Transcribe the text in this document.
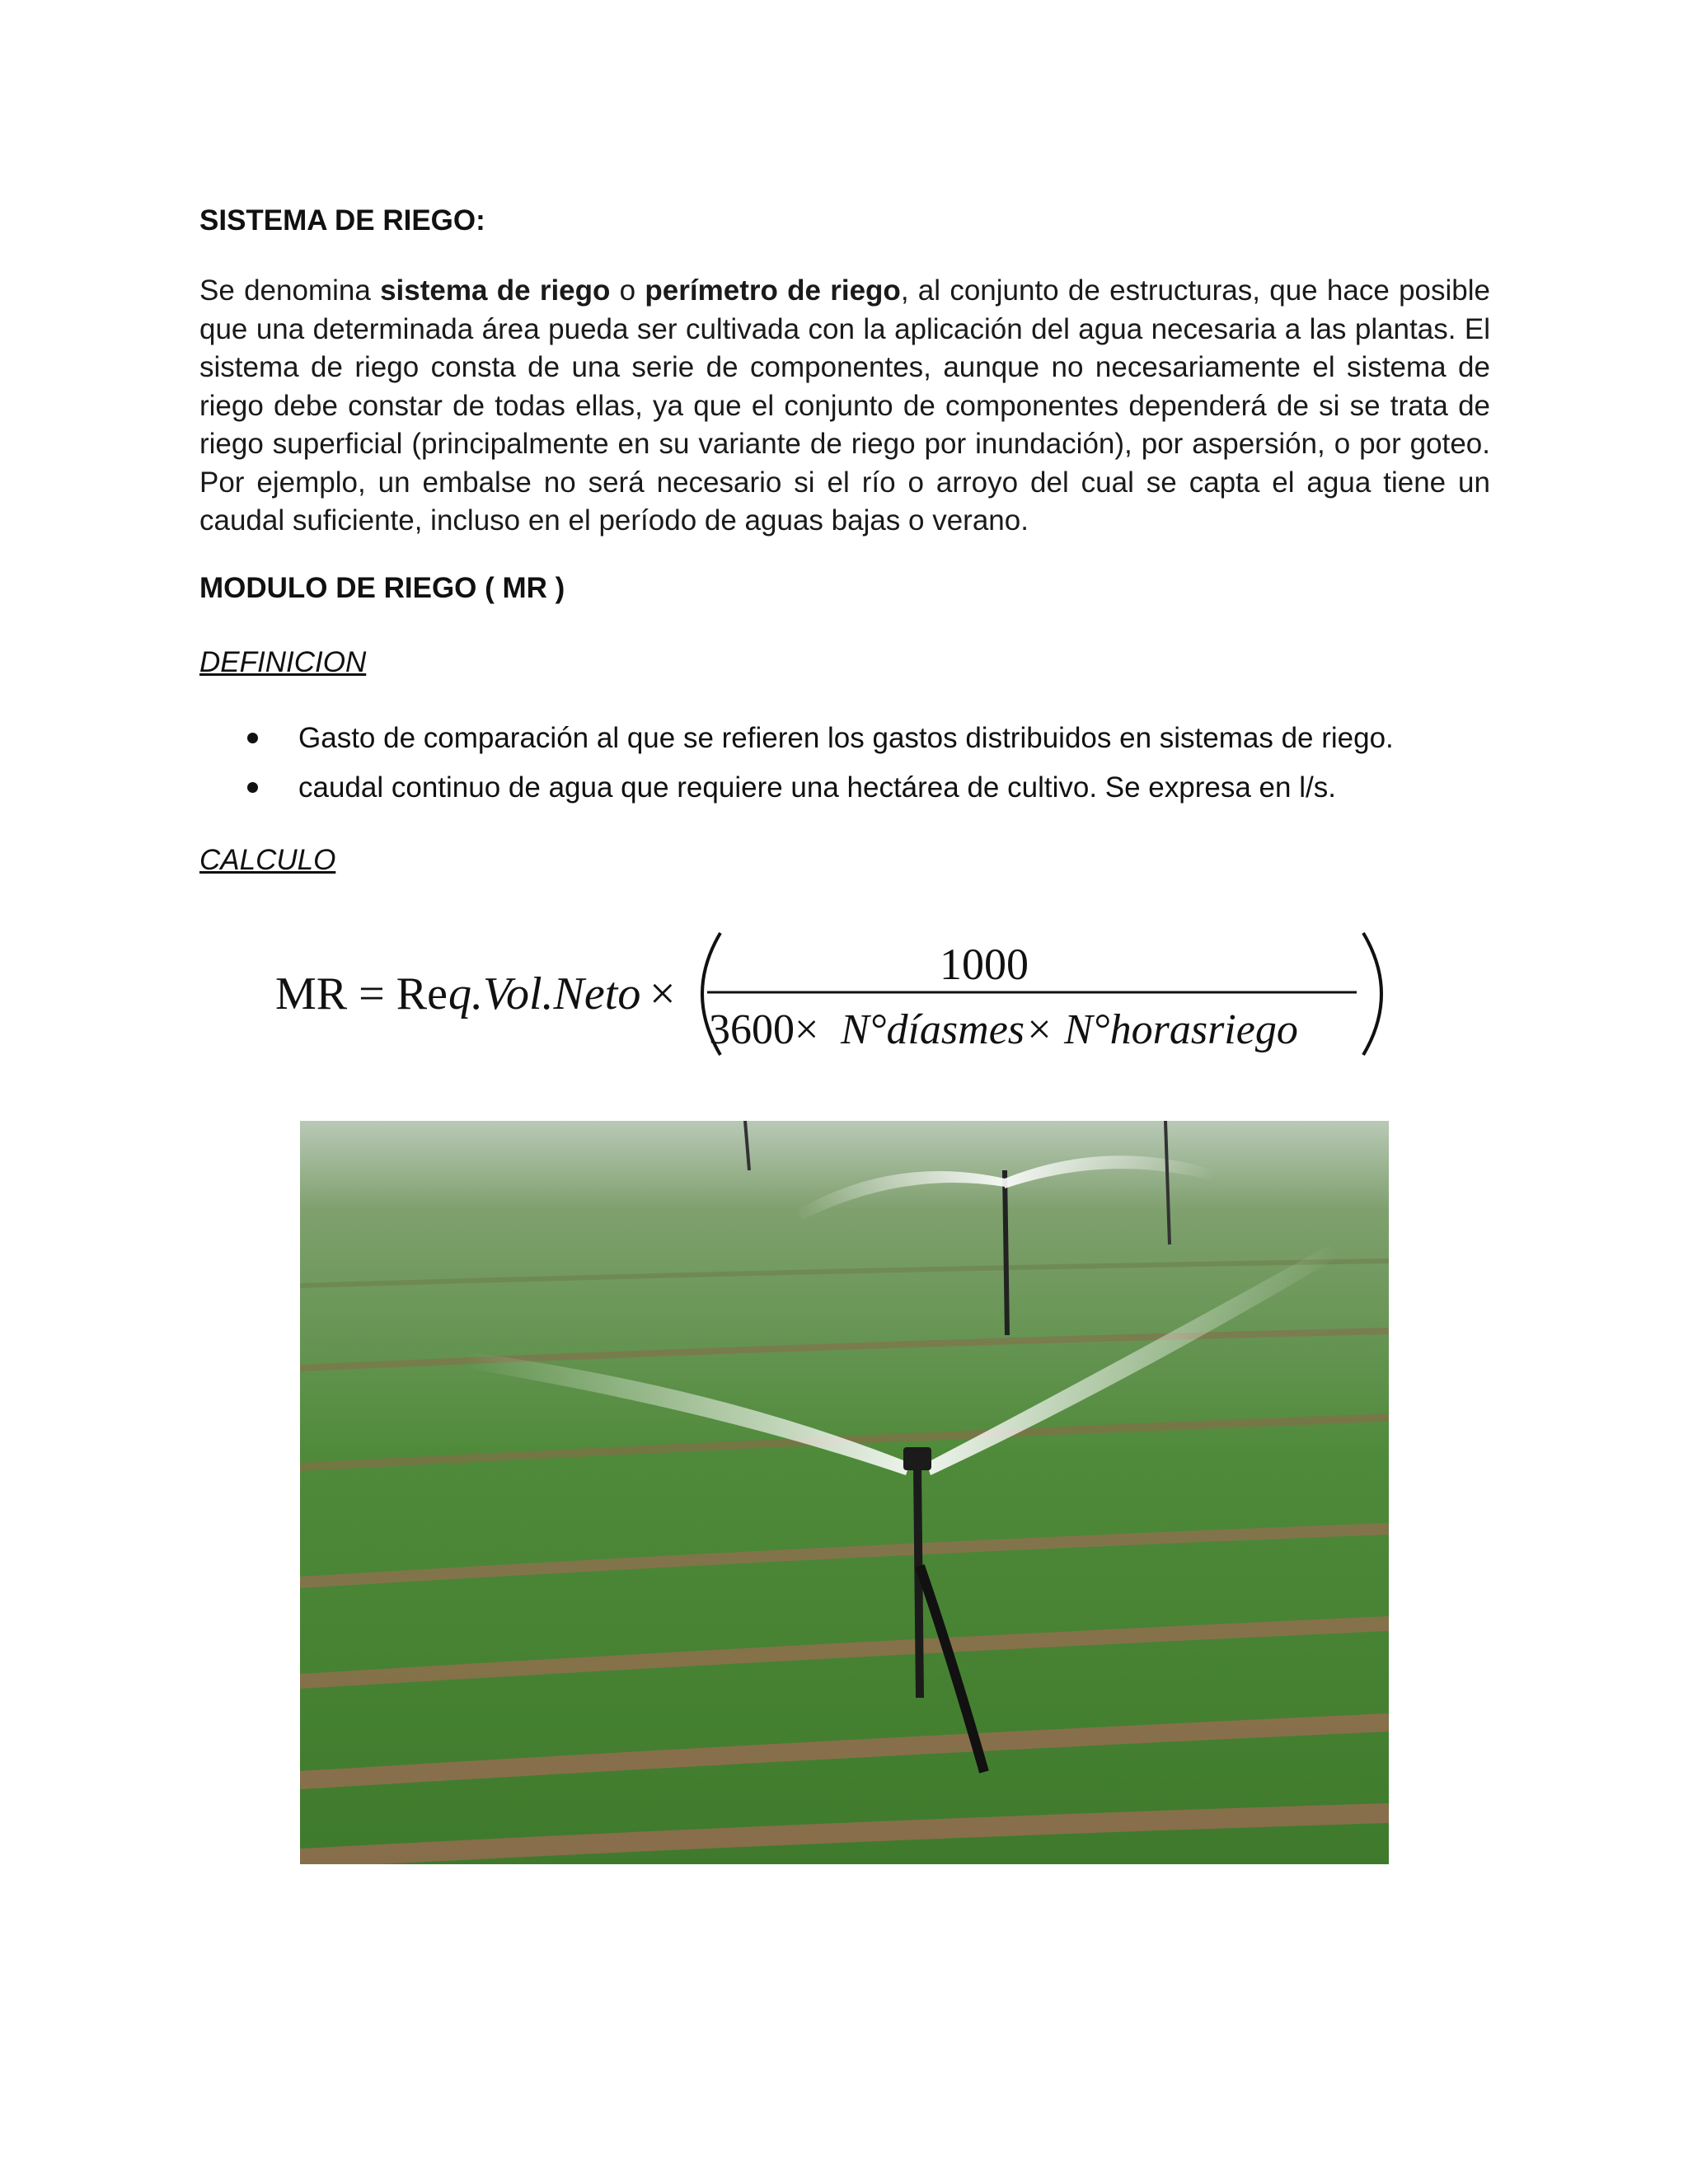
SISTEMA DE RIEGO:

Se denomina sistema de riego o perímetro de riego, al conjunto de estructuras, que hace posible que una determinada área pueda ser cultivada con la aplicación del agua necesaria a las plantas. El sistema de riego consta de una serie de componentes, aunque no necesariamente el sistema de riego debe constar de todas ellas, ya que el conjunto de componentes dependerá de si se trata de riego superficial (principalmente en su variante de riego por inundación), por aspersión, o por goteo. Por ejemplo, un embalse no será necesario si el río o arroyo del cual se capta el agua tiene un caudal suficiente, incluso en el período de aguas bajas o verano.

MODULO DE RIEGO ( MR )

DEFINICION

Gasto de comparación al que se refieren los gastos distribuidos en sistemas de riego.
caudal continuo de agua que requiere una hectárea de cultivo. Se expresa en l/s.

CALCULO

MR = Re q.Vol.Neto ×
1000
3600× N°díasmes× N°horasriego
